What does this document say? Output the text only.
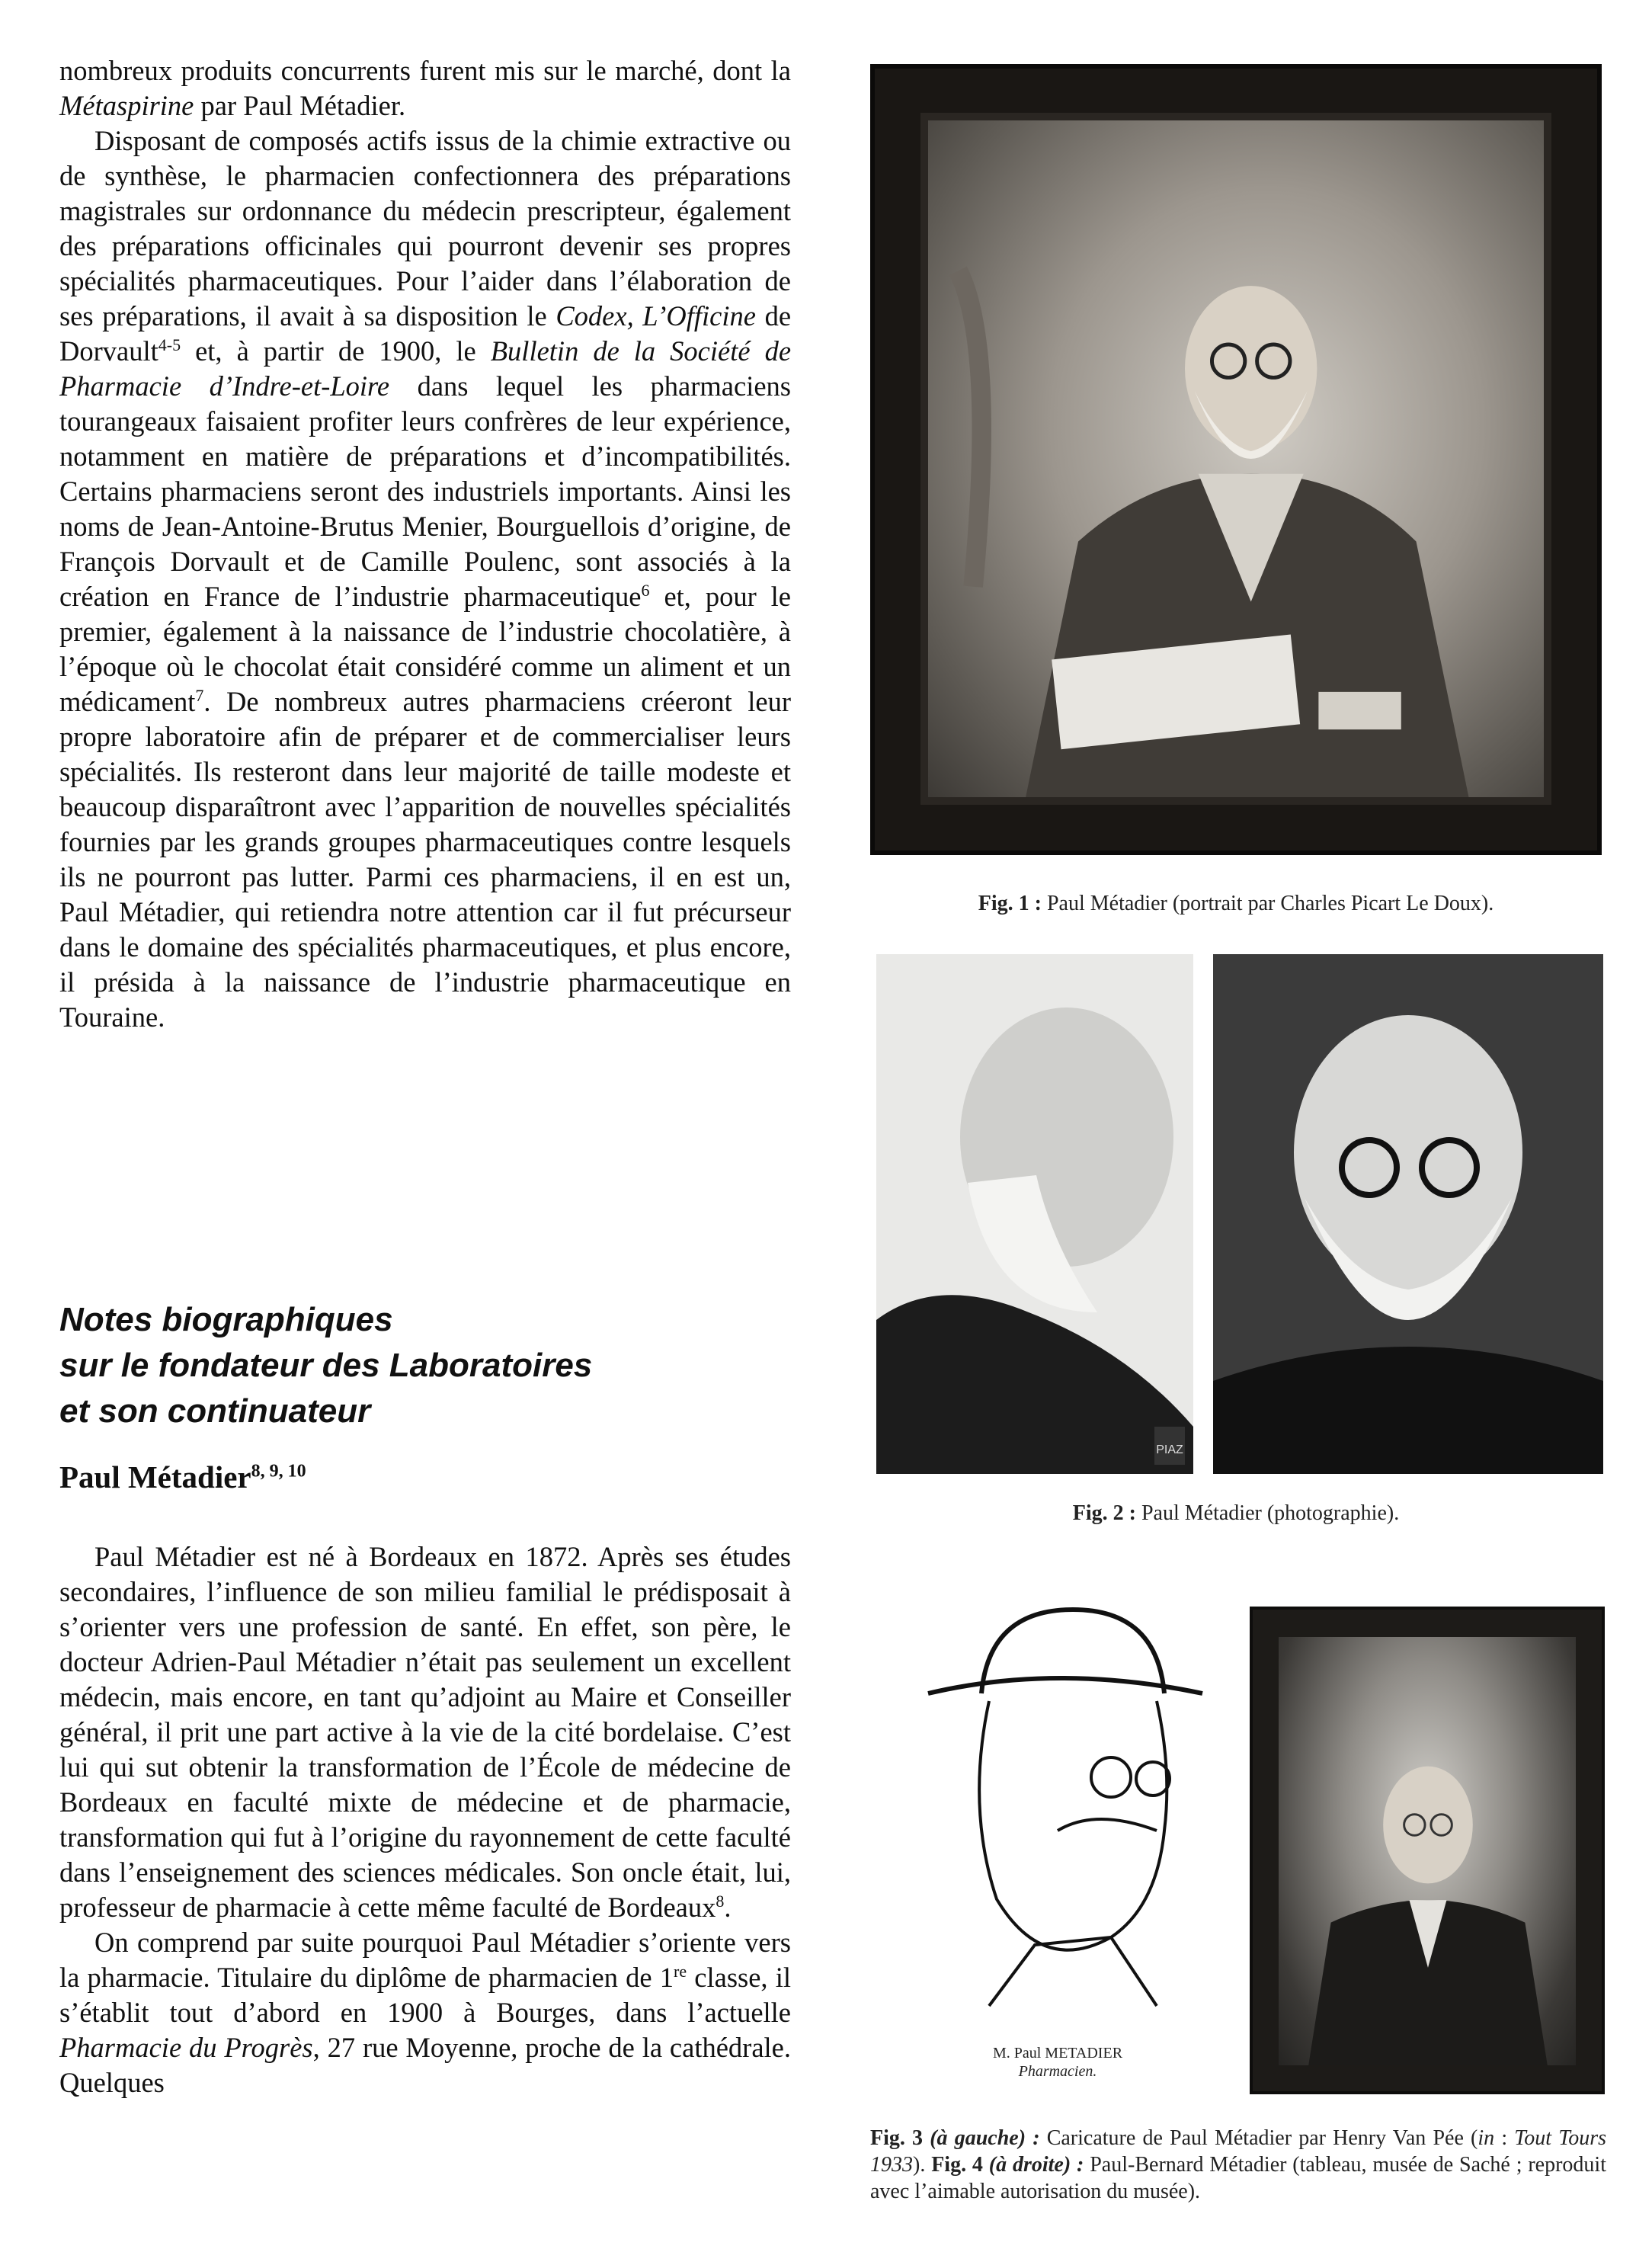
nombreux produits concurrents furent mis sur le marché, dont la Métaspirine par Paul Métadier.

Disposant de composés actifs issus de la chimie extractive ou de synthèse, le pharmacien confectionnera des préparations magistrales sur ordonnance du médecin prescripteur, également des préparations officinales qui pourront devenir ses propres spécialités pharmaceutiques. Pour l’aider dans l’élaboration de ses préparations, il avait à sa disposition le Codex, L’Officine de Dorvault$^{4-5}$ et, à partir de 1900, le Bulletin de la Société de Pharmacie d’Indre-et-Loire dans lequel les pharmaciens tourangeaux faisaient profiter leurs confrères de leur expérience, notamment en matière de préparations et d’incompatibilités. Certains pharmaciens seront des industriels importants. Ainsi les noms de Jean-Antoine-Brutus Menier, Bourguellois d’origine, de François Dorvault et de Camille Poulenc, sont associés à la création en France de l’industrie pharmaceutique$^6$ et, pour le premier, également à la naissance de l’industrie chocolatière, à l’époque où le chocolat était considéré comme un aliment et un médicament$^7$. De nombreux autres pharmaciens créeront leur propre laboratoire afin de préparer et de commercialiser leurs spécialités. Ils resteront dans leur majorité de taille modeste et beaucoup disparaîtront avec l’apparition de nouvelles spécialités fournies par les grands groupes pharmaceutiques contre lesquels ils ne pourront pas lutter. Parmi ces pharmaciens, il en est un, Paul Métadier, qui retiendra notre attention car il fut précurseur dans le domaine des spécialités pharmaceutiques, et plus encore, il présida à la naissance de l’industrie pharmaceutique en Touraine.

Notes biographiques
sur le fondateur des Laboratoires
et son continuateur
Paul Métadier$^{8, 9, 10}$

Paul Métadier est né à Bordeaux en 1872. Après ses études secondaires, l’influence de son milieu familial le prédisposait à s’orienter vers une profession de santé. En effet, son père, le docteur Adrien-Paul Métadier n’était pas seulement un excellent médecin, mais encore, en tant qu’adjoint au Maire et Conseiller général, il prit une part active à la vie de la cité bordelaise. C’est lui qui sut obtenir la transformation de l’École de médecine de Bordeaux en faculté mixte de médecine et de pharmacie, transformation qui fut à l’origine du rayonnement de cette faculté dans l’enseignement des sciences médicales. Son oncle était, lui, professeur de pharmacie à cette même faculté de Bordeaux$^8$.

On comprend par suite pourquoi Paul Métadier s’oriente vers la pharmacie. Titulaire du diplôme de pharmacien de 1re classe, il s’établit tout d’abord en 1900 à Bourges, dans l’actuelle Pharmacie du Progrès, 27 rue Moyenne, proche de la cathédrale. Quelques

Fig. 1 : Paul Métadier (portrait par Charles Picart Le Doux).
PIAZ
Fig. 2 : Paul Métadier (photographie).
M. Paul METADIER
Pharmacien.
Fig. 3 (à gauche) : Caricature de Paul Métadier par Henry Van Pée (in : Tout Tours 1933). Fig. 4 (à droite) : Paul-Bernard Métadier (tableau, musée de Saché ; reproduit avec l’aimable autorisation du musée).
